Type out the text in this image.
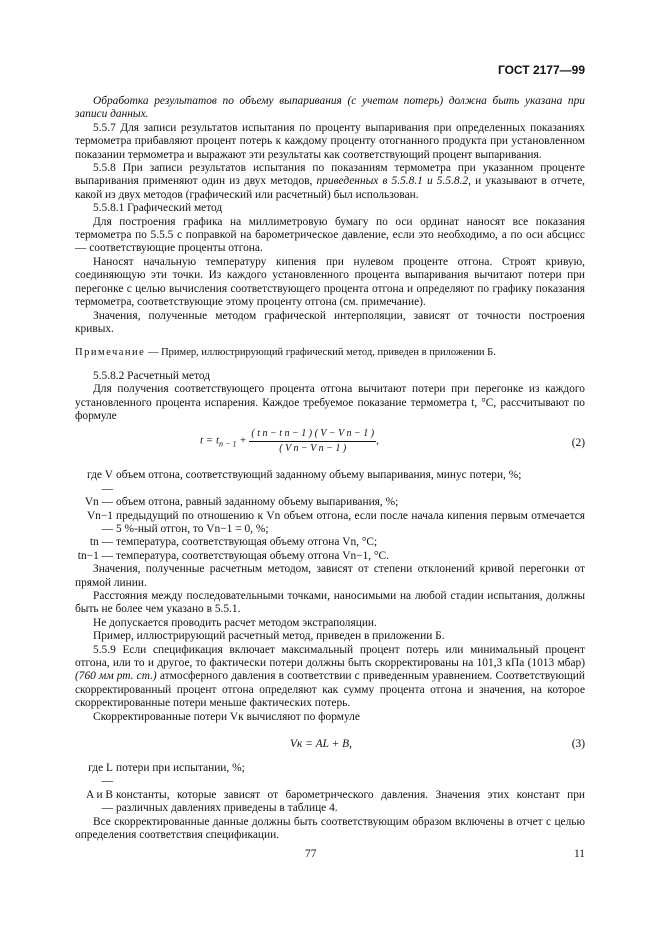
ГОСТ 2177—99

Обработка результатов по объему выпаривания (с учетом потерь) должна быть указана при записи данных.

5.5.7 Для записи результатов испытания по проценту выпаривания при определенных показаниях термометра прибавляют процент потерь к каждому проценту отогнанного продукта при установленном показании термометра и выражают эти результаты как соответствующий процент выпаривания.

5.5.8 При записи результатов испытания по показаниям термометра при указанном проценте выпаривания применяют один из двух методов, приведенных в 5.5.8.1 и 5.5.8.2, и указывают в отчете, какой из двух методов (графический или расчетный) был использован.

5.5.8.1 Графический метод

Для построения графика на миллиметровую бумагу по оси ординат наносят все показания термометра по 5.5.5 с поправкой на барометрическое давление, если это необходимо, а по оси абсцисс — соответствующие проценты отгона.

Наносят начальную температуру кипения при нулевом проценте отгона. Строят кривую, соединяющую эти точки. Из каждого установленного процента выпаривания вычитают потери при перегонке с целью вычисления соответствующего процента отгона и определяют по графику показания термометра, соответствующие этому проценту отгона (см. примечание).

Значения, полученные методом графической интерполяции, зависят от точности построения кривых.

Примечание — Пример, иллюстрирующий графический метод, приведен в приложении Б.

5.5.8.2 Расчетный метод

Для получения соответствующего процента отгона вычитают потери при перегонке из каждого установленного процента испарения. Каждое требуемое показание термометра t, °С, рассчитывают по формуле

$t = t_{n - 1} + \frac{\text{( t n − t n − 1 ) ( V − V n − 1 )}}{\text{( V n − V n − 1 )}}$ ,	(2)
где V —
объем отгона, соответствующий заданному объему выпаривания, минус потери, %;
Vn — объем отгона, равный заданному объему выпаривания, %;
Vn−1 —
предыдущий по отношению к Vn объем отгона, если после начала кипения первым отмечается 5 %-ный отгон, то Vn−1 = 0, %;
tn — температура, соответствующая объему отгона Vn, °С;
tn−1 — температура, соответствующая объему отгона Vn−1, °С.

Значения, полученные расчетным методом, зависят от степени отклонений кривой перегонки от прямой линии.

Расстояния между последовательными точками, наносимыми на любой стадии испытания, должны быть не более чем указано в 5.5.1.

Не допускается проводить расчет методом экстраполяции.

Пример, иллюстрирующий расчетный метод, приведен в приложении Б.

5.5.9 Если спецификация включает максимальный процент потерь или минимальный процент отгона, или то и другое, то фактически потери должны быть скорректированы на 101,3 кПа (1013 мбар) (760 мм рт. ст.) атмосферного давления в соответствии с приведенным уравнением. Соответствующий скорректированный процент отгона определяют как сумму процента отгона и значения, на которое скорректированные потери меньше фактических потерь.

Скорректированные потери Vк вычисляют по формуле

Vк = AL + B,	(3)
где L —
потери при испытании, %;
A и B —
константы, которые зависят от барометрического давления. Значения этих констант при различных давлениях приведены в таблице 4.

Все скорректированные данные должны быть соответствующим образом включены в отчет с целью определения соответствия спецификации.

77	11
